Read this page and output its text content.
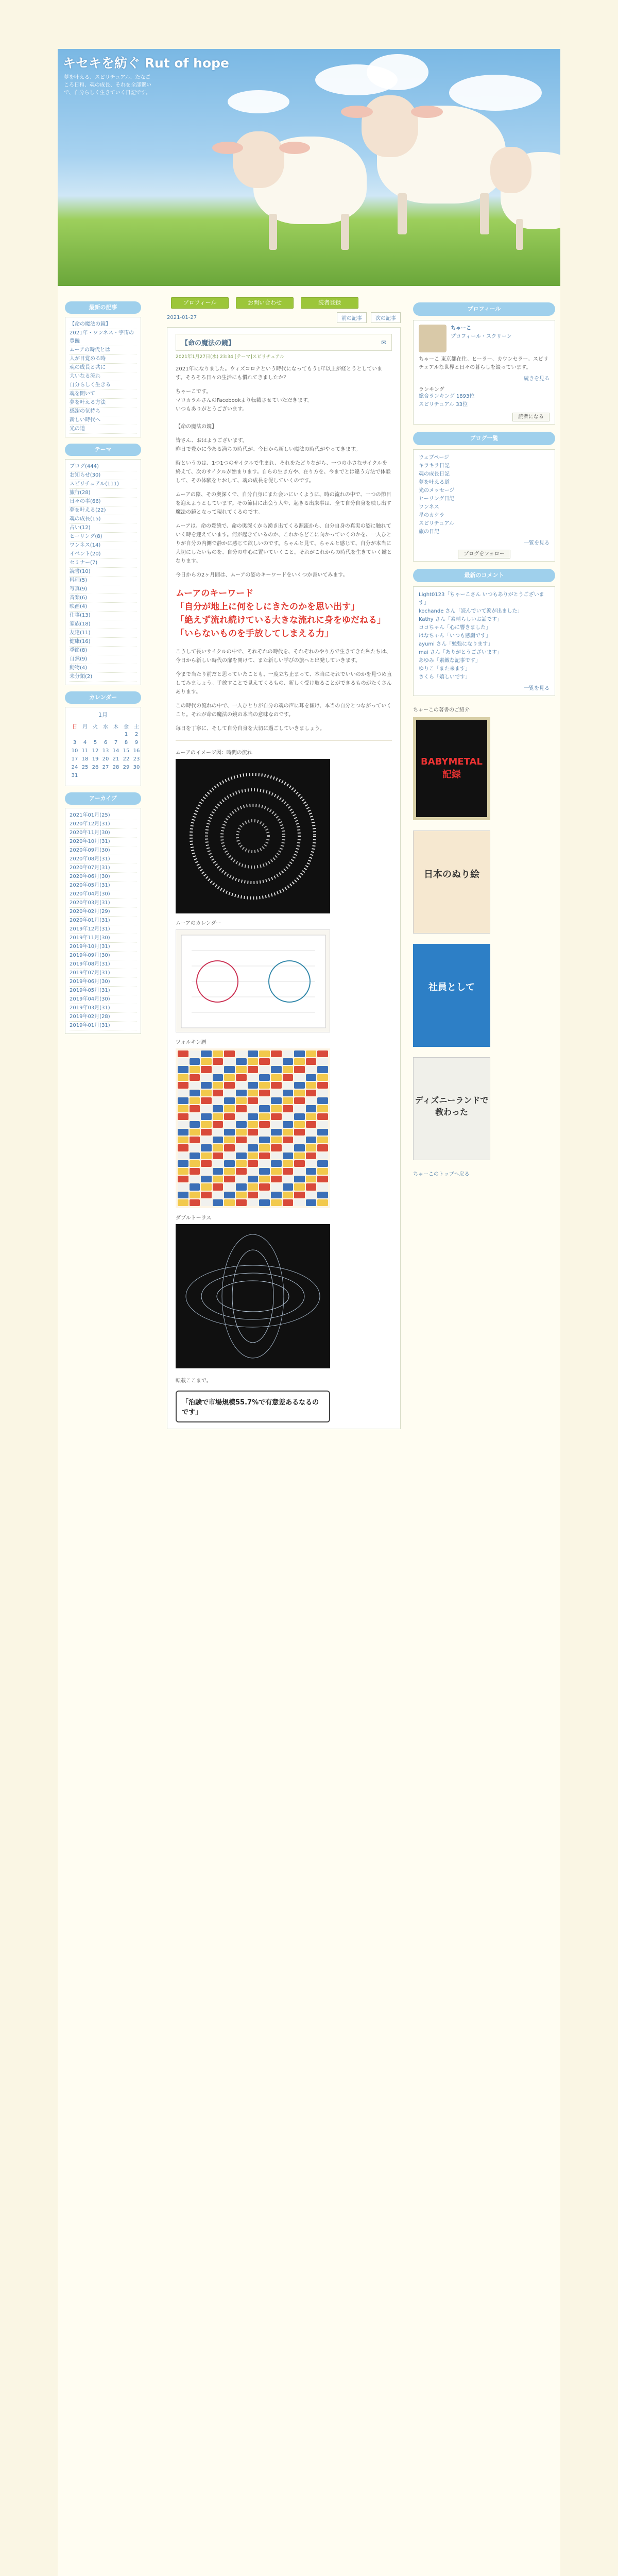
キセキを紡ぐ Rut of hope
夢を叶える、スピリチュアル、たなごころ日和、魂の成長、それを全部繋いで、自分らしく生きていく日記です。
プロフィール	お問い合わせ	読者登録
最新の記事

【命の魔法の鏡】

2021年・ワンネス・宇宙の豊饒

ムーアの時代とは

人が目覚める時

魂の成長と共に

大いなる流れ

自分らしく生きる

魂を開いて

夢を叶える方法

感謝の気持ち

新しい時代へ

光の道

テーマ

ブログ(444)

お知らせ(30)

スピリチュアル(111)

旅行(28)

日々の事(66)

夢を叶える(22)

魂の成長(15)

占い(12)

ヒーリング(8)

ワンネス(14)

イベント(20)

セミナー(7)

読書(10)

料理(5)

写真(9)

音楽(6)

映画(4)

仕事(13)

家族(18)

友達(11)

健康(16)

季節(8)

自然(9)

動物(4)

未分類(2)

カレンダー
1月
日	月	火	水	木	金	土
					1	2
3	4	5	6	7	8	9
10	11	12	13	14	15	16
17	18	19	20	21	22	23
24	25	26	27	28	29	30
31						
アーカイブ

2021年01月(25)

2020年12月(31)

2020年11月(30)

2020年10月(31)

2020年09月(30)

2020年08月(31)

2020年07月(31)

2020年06月(30)

2020年05月(31)

2020年04月(30)

2020年03月(31)

2020年02月(29)

2020年01月(31)

2019年12月(31)

2019年11月(30)

2019年10月(31)

2019年09月(30)

2019年08月(31)

2019年07月(31)

2019年06月(30)

2019年05月(31)

2019年04月(30)

2019年03月(31)

2019年02月(28)

2019年01月(31)

2021-01-27	前の記事	次の記事
【命の魔法の鏡】	✉
2021年1月27日(水) 23:34 [テーマ]スピリチュアル

2021年になりました。ウィズコロナという時代になってもう1年以上が経とうとしています。そろそろ日々の生活にも慣れてきましたか？

ちゃーこです。
マロカラルさんのFacebookより転載させていただきます。
いつもありがとうございます。

【命の魔法の鏡】

皆さん、おはようございます。
昨日で豊かに今ある満ちの時代が、今日から新しい魔法の時代がやってきます。

時というのは、1つ1つのサイクルで生まれ、それをたどりながら、一つの小さなサイクルを終えて、次のサイクルが始まります。自らの生き方や、在り方を、今までとは違う方法で体験して、その体験をとおして、魂の成長を促していくのです。

ムーアの陰、その奥深くで、自分自身にまた会いにいくように、時の流れの中で、一つの節目を迎えようとしています。その節目に出会う人や、起きる出来事は、全て自分自身を映し出す魔法の鏡となって現れてくるのです。

ムーアは、命の豊饒で、命の奥深くから湧き出てくる源流から、自分自身の真実の姿に触れていく時を迎えています。何が起きているのか、これからどこに向かっていくのかを、一人ひとりが自分の内側で静かに感じて欲しいのです。ちゃんと見て、ちゃんと感じて、自分が本当に大切にしたいものを、自分の中心に置いていくこと。それがこれからの時代を生きていく鍵となります。

今日からの2ヶ月間は、ムーアの姿のキーワードをいくつか書いてみます。

ムーアのキーワード
「自分が地上に何をしにきたのかを思い出す」
「絶えず流れ続けている大きな流れに身をゆだねる」
「いらないものを手放してしまえる力」

こうして長いサイクルの中で、それぞれの時代を、それぞれのやり方で生きてきた私たちは、今日から新しい時代の扉を開けて、また新しい学びの旅へと出発していきます。

今まで当たり前だと思っていたことも、一度立ち止まって、本当にそれでいいのかを見つめ直してみましょう。手放すことで見えてくるもの、新しく受け取ることができるものがたくさんあります。

この時代の流れの中で、一人ひとりが自分の魂の声に耳を傾け、本当の自分とつながっていくこと。それが命の魔法の鏡の本当の意味なのです。

毎日を丁寧に、そして自分自身を大切に過ごしていきましょう。

ムーアのイメージ図：時間の流れ
ムーアのカレンダー
ツォルキン暦
ダブルトーラス

転載ここまで。

「治験で市場規模55.7%で有意差あるなるのです」
プロフィール
ちゃーこ
プロフィール・スクリーン
ちゃーこ 東京都在住。ヒーラー、カウンセラー。スピリチュアルな世界と日々の暮らしを綴っています。
続きを見る
ランキング
総合ランキング 1893位
スピリチュアル 33位
読者になる
ブログ一覧
ウェブページ
キラキラ日記
魂の成長日記
夢を叶える道
光のメッセージ
ヒーリング日記
ワンネス
星のカケラ
スピリチュアル
旅の日記
一覧を見る
ブログをフォロー
最新のコメント
Light0123「ちゃーこさん いつもありがとうございます」
kochande さん「読んでいて涙が出ました」
Kathy さん「素晴らしいお話です」
ココちゃん「心に響きました」
はなちゃん「いつも感謝です」
ayumi さん「勉強になります」
mai さん「ありがとうございます」
あゆみ「素敵な記事です」
ゆりこ「また来ます」
さくら「嬉しいです」
一覧を見る
ちゃーこの著書のご紹介
BABYMETAL 記録
日本のぬり絵
社員として
ディズニーランドで教わった
ちゃーこのトップへ戻る
